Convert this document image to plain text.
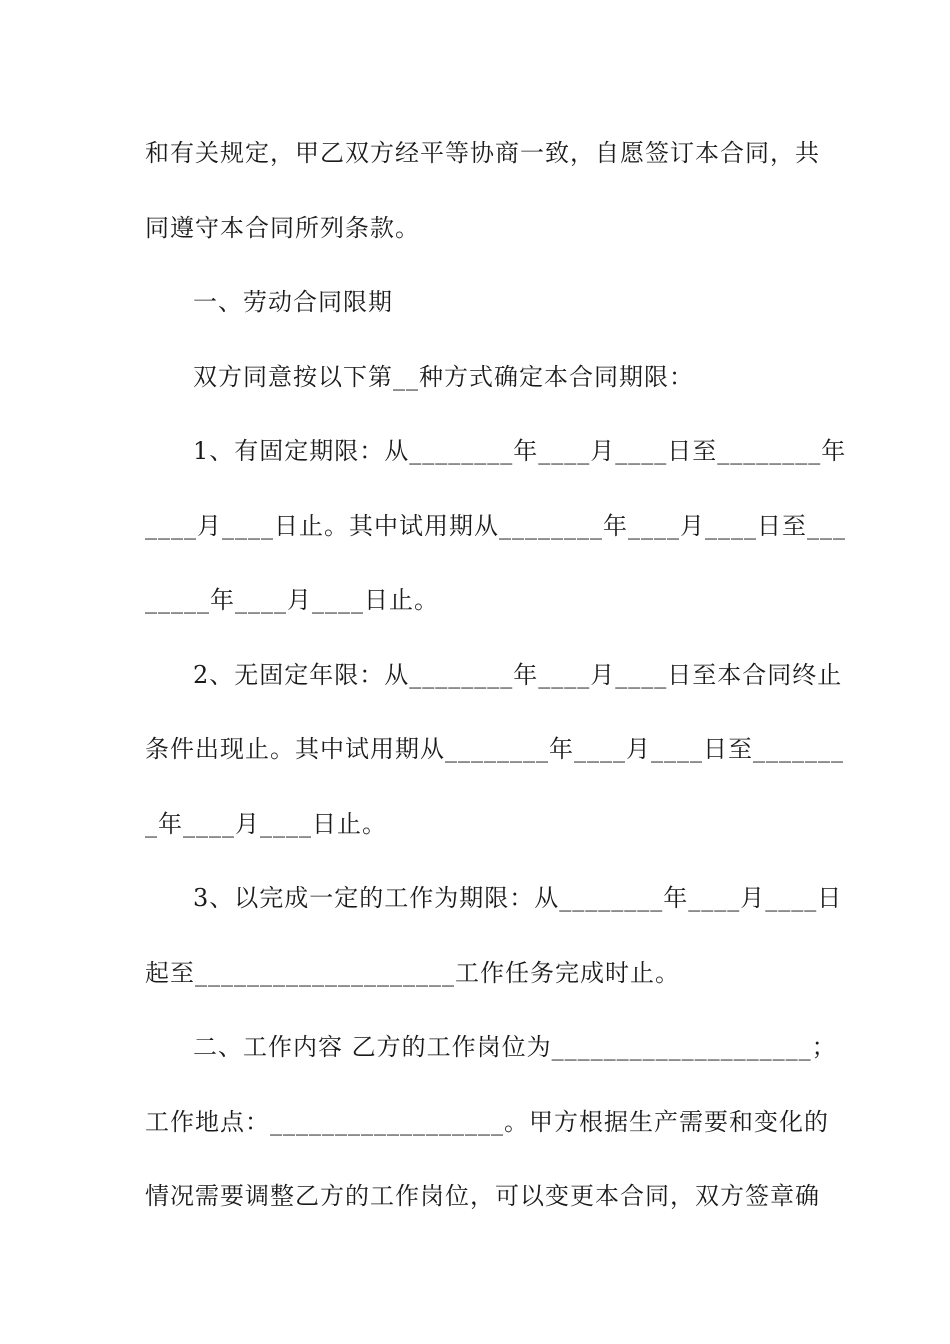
和有关规定，甲乙双方经平等协商一致，自愿签订本合同，共
同遵守本合同所列条款。
一、劳动合同限期
双方同意按以下第__种方式确定本合同期限：
1、有固定期限：从________年____月____日至________年
____月____日止。其中试用期从________年____月____日至___
_____年____月____日止。
2、无固定年限：从________年____月____日至本合同终止
条件出现止。其中试用期从________年____月____日至_______
_年____月____日止。
3、以完成一定的工作为期限：从________年____月____日
起至____________________工作任务完成时止。
二、工作内容 乙方的工作岗位为____________________；
工作地点：__________________。甲方根据生产需要和变化的
情况需要调整乙方的工作岗位，可以变更本合同，双方签章确
